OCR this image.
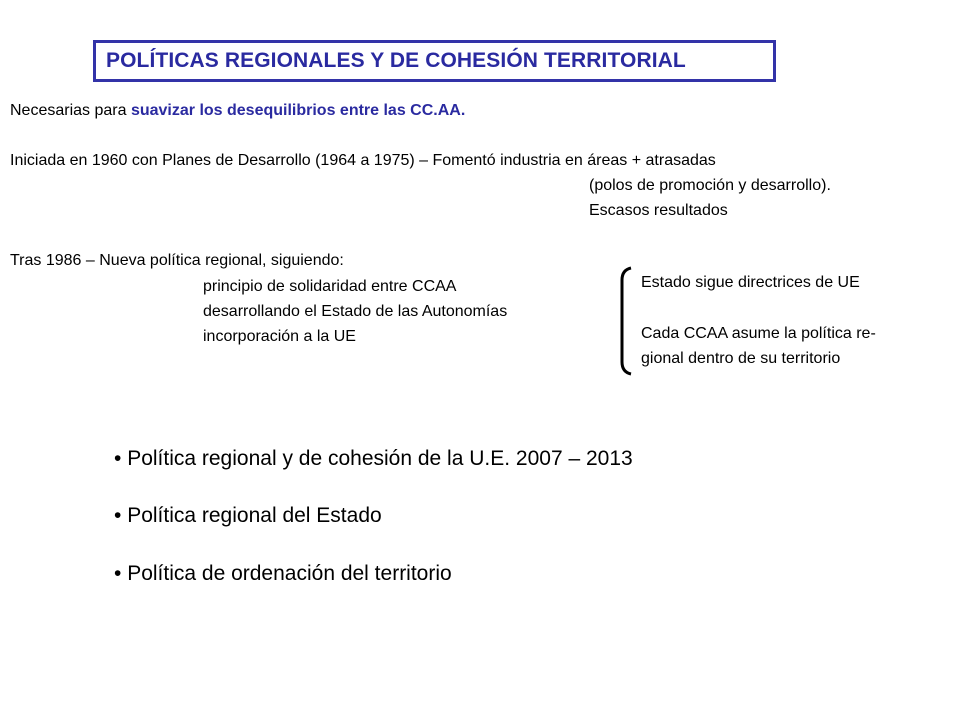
POLÍTICAS REGIONALES Y DE COHESIÓN TERRITORIAL
Necesarias para suavizar los desequilibrios entre las CC.AA.
Iniciada en 1960 con Planes de Desarrollo (1964 a 1975) – Fomentó industria en áreas + atrasadas
(polos de promoción y desarrollo).
Escasos resultados
Tras 1986 – Nueva política regional, siguiendo:
principio de solidaridad entre CCAA
desarrollando el Estado de las Autonomías
incorporación a la UE
Estado sigue directrices de UE
Cada CCAA asume la política re-
gional dentro de su territorio
• Política regional y de cohesión de la U.E. 2007 – 2013
• Política regional del Estado
• Política de ordenación del territorio
